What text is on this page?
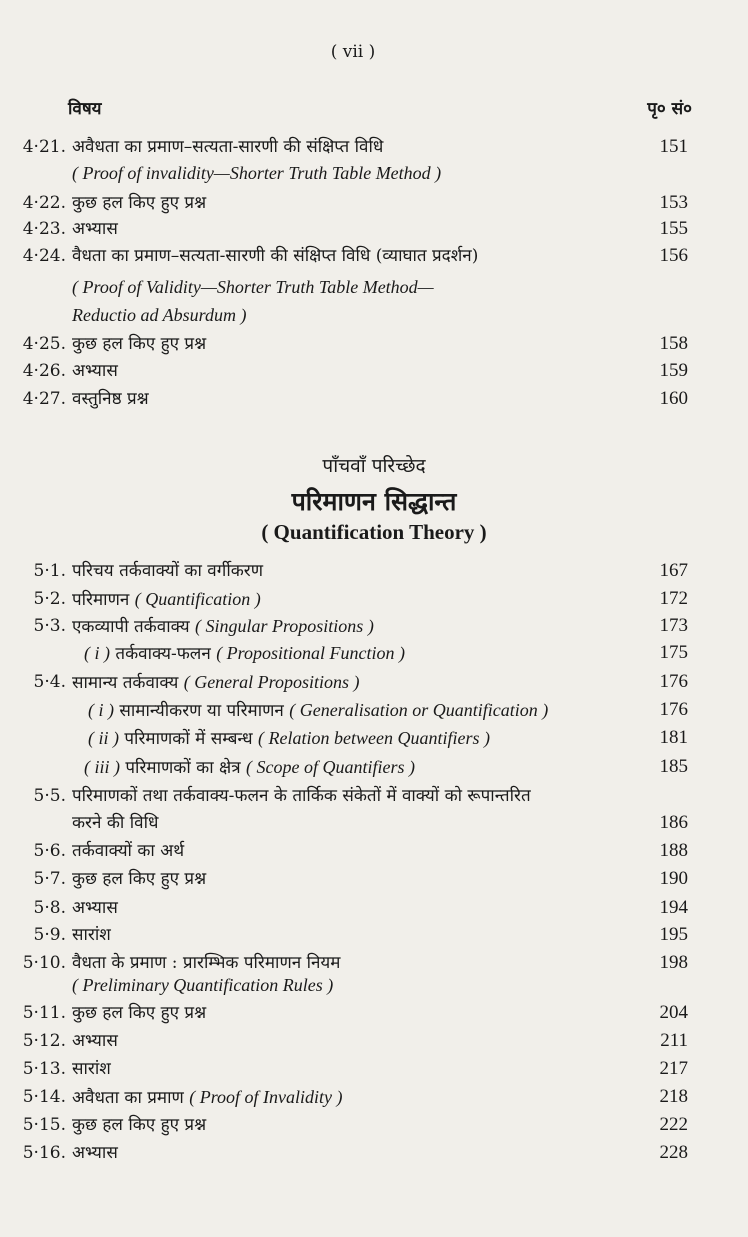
( vii )
विषय	पृ० सं०
4·21. अवैधता का प्रमाण–सत्यता-सारणी की संक्षिप्त विधि	151
( Proof of invalidity—Shorter Truth Table Method )
4·22. कुछ हल किए हुए प्रश्न	153
4·23. अभ्यास	155
4·24. वैधता का प्रमाण–सत्यता-सारणी की संक्षिप्त विधि (व्याघात प्रदर्शन)	156
( Proof of Validity—Shorter Truth Table Method—
Reductio ad Absurdum )
4·25. कुछ हल किए हुए प्रश्न	158
4·26. अभ्यास	159
4·27. वस्तुनिष्ठ प्रश्न	160
पाँचवाँ परिच्छेद
परिमाणन सिद्धान्त
( Quantification Theory )
5·1. परिचय तर्कवाक्यों का वर्गीकरण	167
5·2. परिमाणन ( Quantification )	172
5·3. एकव्यापी तर्कवाक्य ( Singular Propositions )	173
( i ) तर्कवाक्य-फलन ( Propositional Function )	175
5·4. सामान्य तर्कवाक्य ( General Propositions )	176
( i ) सामान्यीकरण या परिमाणन ( Generalisation or Quantification )	176
( ii ) परिमाणकों में सम्बन्ध ( Relation between Quantifiers )	181
( iii ) परिमाणकों का क्षेत्र ( Scope of Quantifiers )	185
5·5. परिमाणकों तथा तर्कवाक्य-फलन के तार्किक संकेतों में वाक्यों को रूपान्तरित
करने की विधि	186
5·6. तर्कवाक्यों का अर्थ	188
5·7. कुछ हल किए हुए प्रश्न	190
5·8. अभ्यास	194
5·9. सारांश	195
5·10. वैधता के प्रमाण : प्रारम्भिक परिमाणन नियम	198
( Preliminary Quantification Rules )
5·11. कुछ हल किए हुए प्रश्न	204
5·12. अभ्यास	211
5·13. सारांश	217
5·14. अवैधता का प्रमाण ( Proof of Invalidity )	218
5·15. कुछ हल किए हुए प्रश्न	222
5·16. अभ्यास	228
